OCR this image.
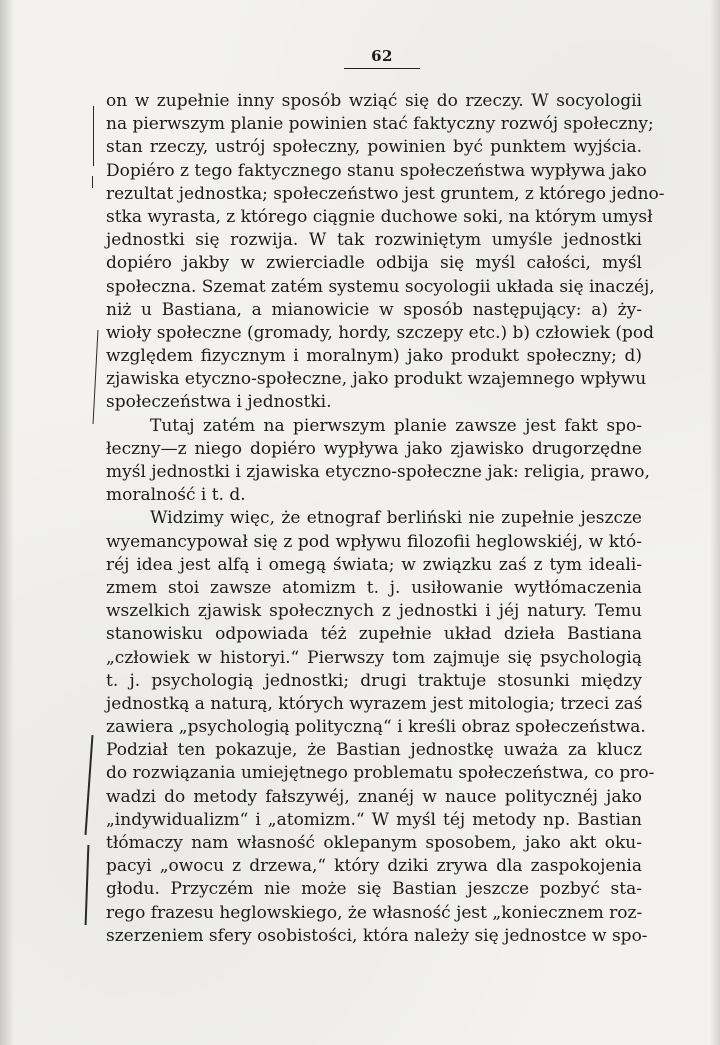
62
on w zupełnie inny sposób wziąć się do rzeczy. W socyologii
na pierwszym planie powinien stać faktyczny rozwój społeczny;
stan rzeczy, ustrój społeczny, powinien być punktem wyjścia.
Dopiéro z tego faktycznego stanu społeczeństwa wypływa jako
rezultat jednostka; społeczeństwo jest gruntem, z którego jedno-
stka wyrasta, z którego ciągnie duchowe soki, na którym umysł
jednostki się rozwija. W tak rozwiniętym umyśle jednostki
dopiéro jakby w zwierciadle odbija się myśl całości, myśl
społeczna. Szemat zatém systemu socyologii układa się inaczéj,
niż u Bastiana, a mianowicie w sposób następujący: a) ży-
wioły społeczne (gromady, hordy, szczepy etc.) b) człowiek (pod
względem fizycznym i moralnym) jako produkt społeczny; d)
zjawiska etyczno-społeczne, jako produkt wzajemnego wpływu
społeczeństwa i jednostki.
Tutaj zatém na pierwszym planie zawsze jest fakt spo-
łeczny—z niego dopiéro wypływa jako zjawisko drugorzędne
myśl jednostki i zjawiska etyczno-społeczne jak: religia, prawo,
moralność i t. d.
Widzimy więc, że etnograf berliński nie zupełnie jeszcze
wyemancypował się z pod wpływu filozofii heglowskiéj, w któ-
réj idea jest alfą i omegą świata; w związku zaś z tym ideali-
zmem stoi zawsze atomizm t. j. usiłowanie wytłómaczenia
wszelkich zjawisk społecznych z jednostki i jéj natury. Temu
stanowisku odpowiada téż zupełnie układ dzieła Bastiana
„człowiek w historyi.“ Pierwszy tom zajmuje się psychologią
t. j. psychologią jednostki; drugi traktuje stosunki między
jednostką a naturą, których wyrazem jest mitologia; trzeci zaś
zawiera „psychologią polityczną“ i kreśli obraz społeczeństwa.
Podział ten pokazuje, że Bastian jednostkę uważa za klucz
do rozwiązania umiejętnego problematu społeczeństwa, co pro-
wadzi do metody fałszywéj, znanéj w nauce politycznéj jako
„indywidualizm“ i „atomizm.“ W myśl téj metody np. Bastian
tłómaczy nam własność oklepanym sposobem, jako akt oku-
pacyi „owocu z drzewa,“ który dziki zrywa dla zaspokojenia
głodu. Przyczém nie może się Bastian jeszcze pozbyć sta-
rego frazesu heglowskiego, że własność jest „koniecznem roz-
szerzeniem sfery osobistości, która należy się jednostce w spo-
